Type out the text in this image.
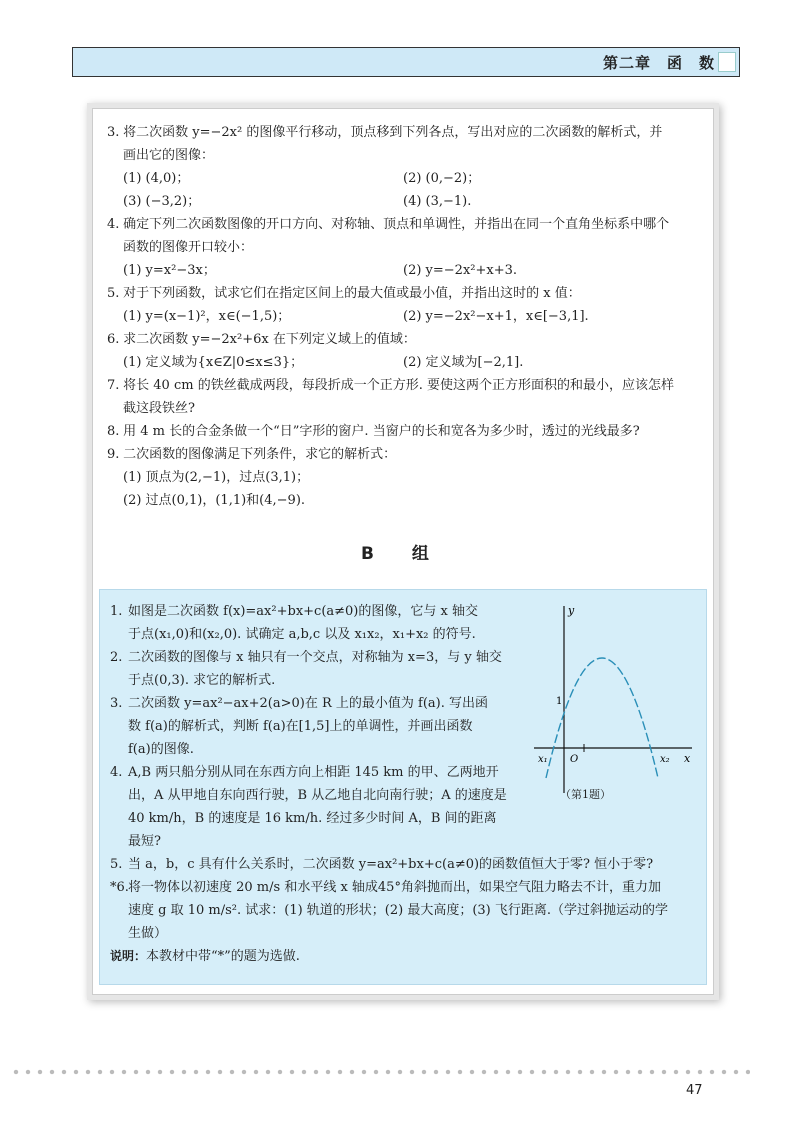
第二章　函　数
3. 将二次函数 y=−2x² 的图像平行移动，顶点移到下列各点，写出对应的二次函数的解析式，并
画出它的图像：
(1) (4,0)；	(2) (0,−2)；
(3) (−3,2)；	(4) (3,−1).
4. 确定下列二次函数图像的开口方向、对称轴、顶点和单调性，并指出在同一个直角坐标系中哪个
函数的图像开口较小：
(1) y=x²−3x；	(2) y=−2x²+x+3.
5. 对于下列函数，试求它们在指定区间上的最大值或最小值，并指出这时的 x 值：
(1) y=(x−1)²，x∈(−1,5)；	(2) y=−2x²−x+1，x∈[−3,1].
6. 求二次函数 y=−2x²+6x 在下列定义域上的值域：
(1) 定义域为{x∈Z|0≤x≤3}；	(2) 定义域为[−2,1].
7. 将长 40 cm 的铁丝截成两段，每段折成一个正方形. 要使这两个正方形面积的和最小，应该怎样
截这段铁丝?
8. 用 4 m 长的合金条做一个“日”字形的窗户. 当窗户的长和宽各为多少时，透过的光线最多?
9. 二次函数的图像满足下列条件，求它的解析式：
(1) 顶点为(2,−1)，过点(3,1)；
(2) 过点(0,1)，(1,1)和(4,−9).
B 组
1. 如图是二次函数 f(x)=ax²+bx+c(a≠0)的图像，它与 x 轴交
于点(x₁,0)和(x₂,0). 试确定 a,b,c 以及 x₁x₂，x₁+x₂ 的符号.
2. 二次函数的图像与 x 轴只有一个交点，对称轴为 x=3，与 y 轴交
于点(0,3). 求它的解析式.
3. 二次函数 y=ax²−ax+2(a>0)在 R 上的最小值为 f(a). 写出函
数 f(a)的解析式，判断 f(a)在[1,5]上的单调性，并画出函数
f(a)的图像.
4. A,B 两只船分别从同在东西方向上相距 145 km 的甲、乙两地开
出，A 从甲地自东向西行驶，B 从乙地自北向南行驶；A 的速度是
40 km/h，B 的速度是 16 km/h. 经过多少时间 A，B 间的距离
最短?
5. 当 a，b，c 具有什么关系时，二次函数 y=ax²+bx+c(a≠0)的函数值恒大于零? 恒小于零?
*6.将一物体以初速度 20 m/s 和水平线 x 轴成45°角斜抛而出，如果空气阻力略去不计，重力加
速度 g 取 10 m/s². 试求：(1) 轨道的形状；(2) 最大高度；(3) 飞行距离.（学过斜抛运动的学
生做）
说明：本教材中带“*”的题为选做.
y
x
O
1
x₁	x₂
（第1题）
47
